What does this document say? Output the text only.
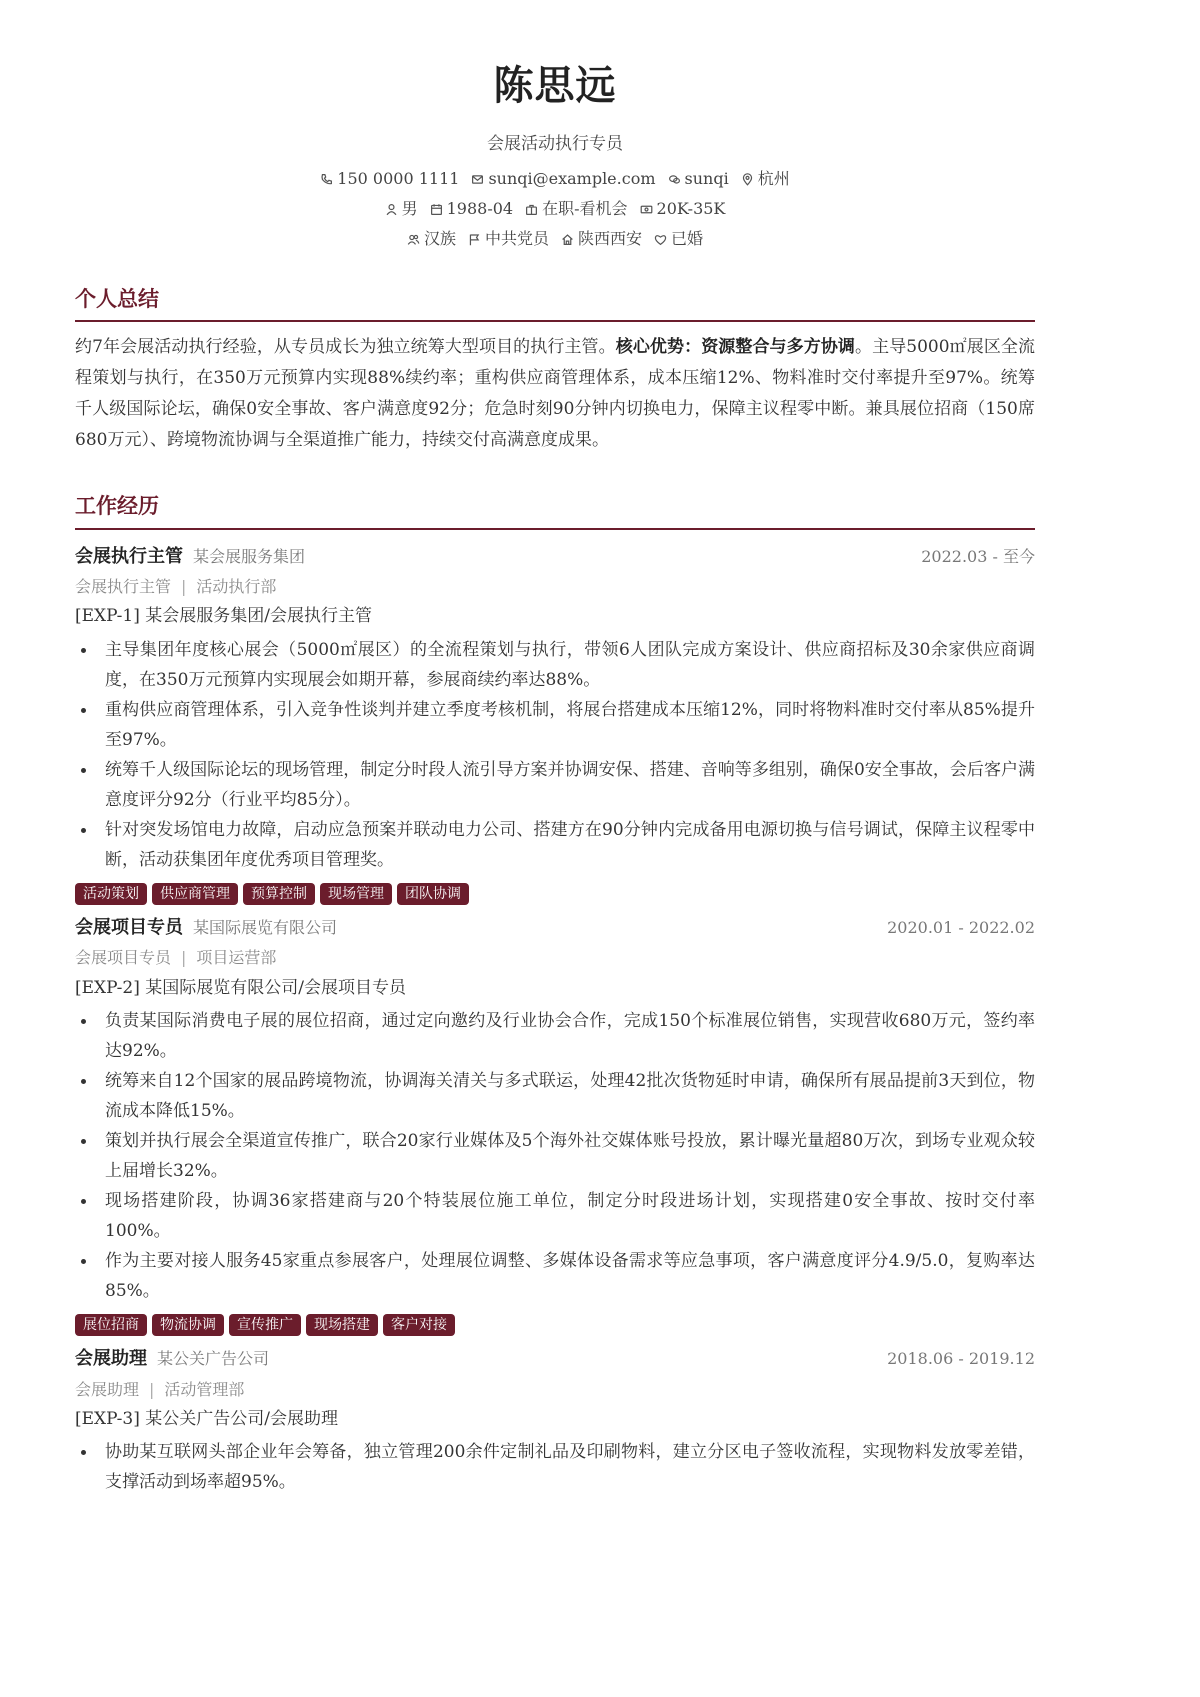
陈思远
会展活动执行专员
150 0000 1111 sunqi@example.com sunqi 杭州
男 1988-04 在职-看机会 20K-35K
汉族 中共党员 陕西西安 已婚
个人总结

约7年会展活动执行经验，从专员成长为独立统筹大型项目的执行主管。核心优势：资源整合与多方协调。主导5000㎡展区全流程策划与执行，在350万元预算内实现88%续约率；重构供应商管理体系，成本压缩12%、物料准时交付率提升至97%。统筹千人级国际论坛，确保0安全事故、客户满意度92分；危急时刻90分钟内切换电力，保障主议程零中断。兼具展位招商（150席680万元）、跨境物流协调与全渠道推广能力，持续交付高满意度成果。

工作经历
会展执行主管 某会展服务集团	2022.03 - 至今
会展执行主管 | 活动执行部
[EXP-1] 某会展服务集团/会展执行主管
主导集团年度核心展会（5000㎡展区）的全流程策划与执行，带领6人团队完成方案设计、供应商招标及30余家供应商调度，在350万元预算内实现展会如期开幕，参展商续约率达88%。
重构供应商管理体系，引入竞争性谈判并建立季度考核机制，将展台搭建成本压缩12%，同时将物料准时交付率从85%提升至97%。
统筹千人级国际论坛的现场管理，制定分时段人流引导方案并协调安保、搭建、音响等多组别，确保0安全事故，会后客户满意度评分92分（行业平均85分）。
针对突发场馆电力故障，启动应急预案并联动电力公司、搭建方在90分钟内完成备用电源切换与信号调试，保障主议程零中断，活动获集团年度优秀项目管理奖。
活动策划	供应商管理	预算控制	现场管理	团队协调
会展项目专员 某国际展览有限公司	2020.01 - 2022.02
会展项目专员 | 项目运营部
[EXP-2] 某国际展览有限公司/会展项目专员
负责某国际消费电子展的展位招商，通过定向邀约及行业协会合作，完成150个标准展位销售，实现营收680万元，签约率达92%。
统筹来自12个国家的展品跨境物流，协调海关清关与多式联运，处理42批次货物延时申请，确保所有展品提前3天到位，物流成本降低15%。
策划并执行展会全渠道宣传推广，联合20家行业媒体及5个海外社交媒体账号投放，累计曝光量超80万次，到场专业观众较上届增长32%。
现场搭建阶段，协调36家搭建商与20个特装展位施工单位，制定分时段进场计划，实现搭建0安全事故、按时交付率100%。
作为主要对接人服务45家重点参展客户，处理展位调整、多媒体设备需求等应急事项，客户满意度评分4.9/5.0，复购率达85%。
展位招商	物流协调	宣传推广	现场搭建	客户对接
会展助理 某公关广告公司	2018.06 - 2019.12
会展助理 | 活动管理部
[EXP-3] 某公关广告公司/会展助理
协助某互联网头部企业年会筹备，独立管理200余件定制礼品及印刷物料，建立分区电子签收流程，实现物料发放零差错，支撑活动到场率超95%。
